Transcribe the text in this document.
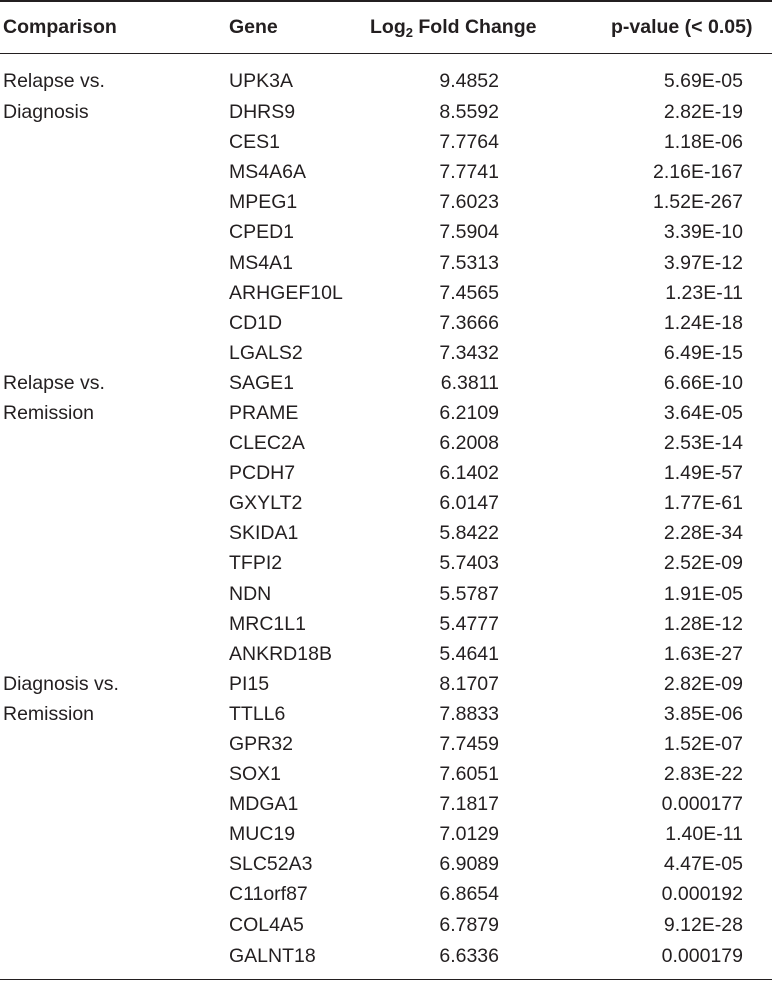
Comparison	Gene	Log$_2$ Fold Change	p-value (< 0.05)
Relapse vs.	UPK3A	9.4852	5.69E-05
Diagnosis	DHRS9	8.5592	2.82E-19
	CES1	7.7764	1.18E-06
	MS4A6A	7.7741	2.16E-167
	MPEG1	7.6023	1.52E-267
	CPED1	7.5904	3.39E-10
	MS4A1	7.5313	3.97E-12
	ARHGEF10L	7.4565	1.23E-11
	CD1D	7.3666	1.24E-18
	LGALS2	7.3432	6.49E-15
Relapse vs.	SAGE1	6.3811	6.66E-10
Remission	PRAME	6.2109	3.64E-05
	CLEC2A	6.2008	2.53E-14
	PCDH7	6.1402	1.49E-57
	GXYLT2	6.0147	1.77E-61
	SKIDA1	5.8422	2.28E-34
	TFPI2	5.7403	2.52E-09
	NDN	5.5787	1.91E-05
	MRC1L1	5.4777	1.28E-12
	ANKRD18B	5.4641	1.63E-27
Diagnosis vs.	PI15	8.1707	2.82E-09
Remission	TTLL6	7.8833	3.85E-06
	GPR32	7.7459	1.52E-07
	SOX1	7.6051	2.83E-22
	MDGA1	7.1817	0.000177
	MUC19	7.0129	1.40E-11
	SLC52A3	6.9089	4.47E-05
	C11orf87	6.8654	0.000192
	COL4A5	6.7879	9.12E-28
	GALNT18	6.6336	0.000179
